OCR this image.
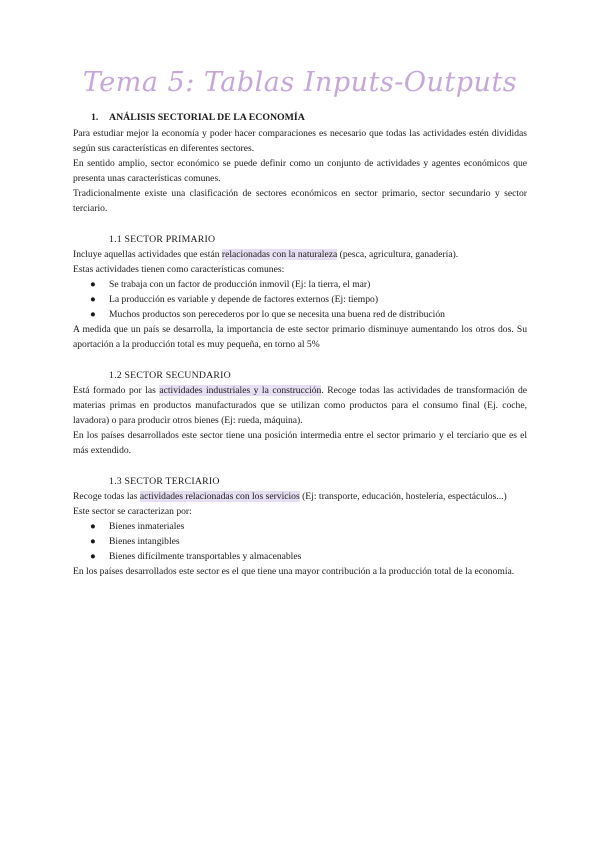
Tema 5: Tablas Inputs-Outputs
1. ANÁLISIS SECTORIAL DE LA ECONOMÍA

Para estudiar mejor la economía y poder hacer comparaciones es necesario que todas las actividades estén divididas según sus características en diferentes sectores.

En sentido amplio, sector económico se puede definir como un conjunto de actividades y agentes económicos que presenta unas características comunes.

Tradicionalmente existe una clasificación de sectores económicos en sector primario, sector secundario y sector terciario.

1.1 SECTOR PRIMARIO

Incluye aquellas actividades que están relacionadas con la naturaleza (pesca, agricultura, ganadería).

Estas actividades tienen como características comunes:

● Se trabaja con un factor de producción inmovil (Ej: la tierra, el mar)
● La producción es variable y depende de factores externos (Ej: tiempo)
● Muchos productos son perecederos por lo que se necesita una buena red de distribución

A medida que un país se desarrolla, la importancia de este sector primario disminuye aumentando los otros dos. Su aportación a la producción total es muy pequeña, en torno al 5%

1.2 SECTOR SECUNDARIO

Está formado por las actividades industriales y la construcción. Recoge todas las actividades de transformación de materias primas en productos manufacturados que se utilizan como productos para el consumo final (Ej. coche, lavadora) o para producir otros bienes (Ej: rueda, máquina).

En los países desarrollados este sector tiene una posición intermedia entre el sector primario y el terciario que es el más extendido.

1.3 SECTOR TERCIARIO

Recoge todas las actividades relacionadas con los servicios (Ej: transporte, educación, hostelería, espectáculos...)

Este sector se caracterizan por:

● Bienes inmateriales
● Bienes intangibles
● Bienes difícilmente transportables y almacenables

En los países desarrollados este sector es el que tiene una mayor contribución a la producción total de la economía.
